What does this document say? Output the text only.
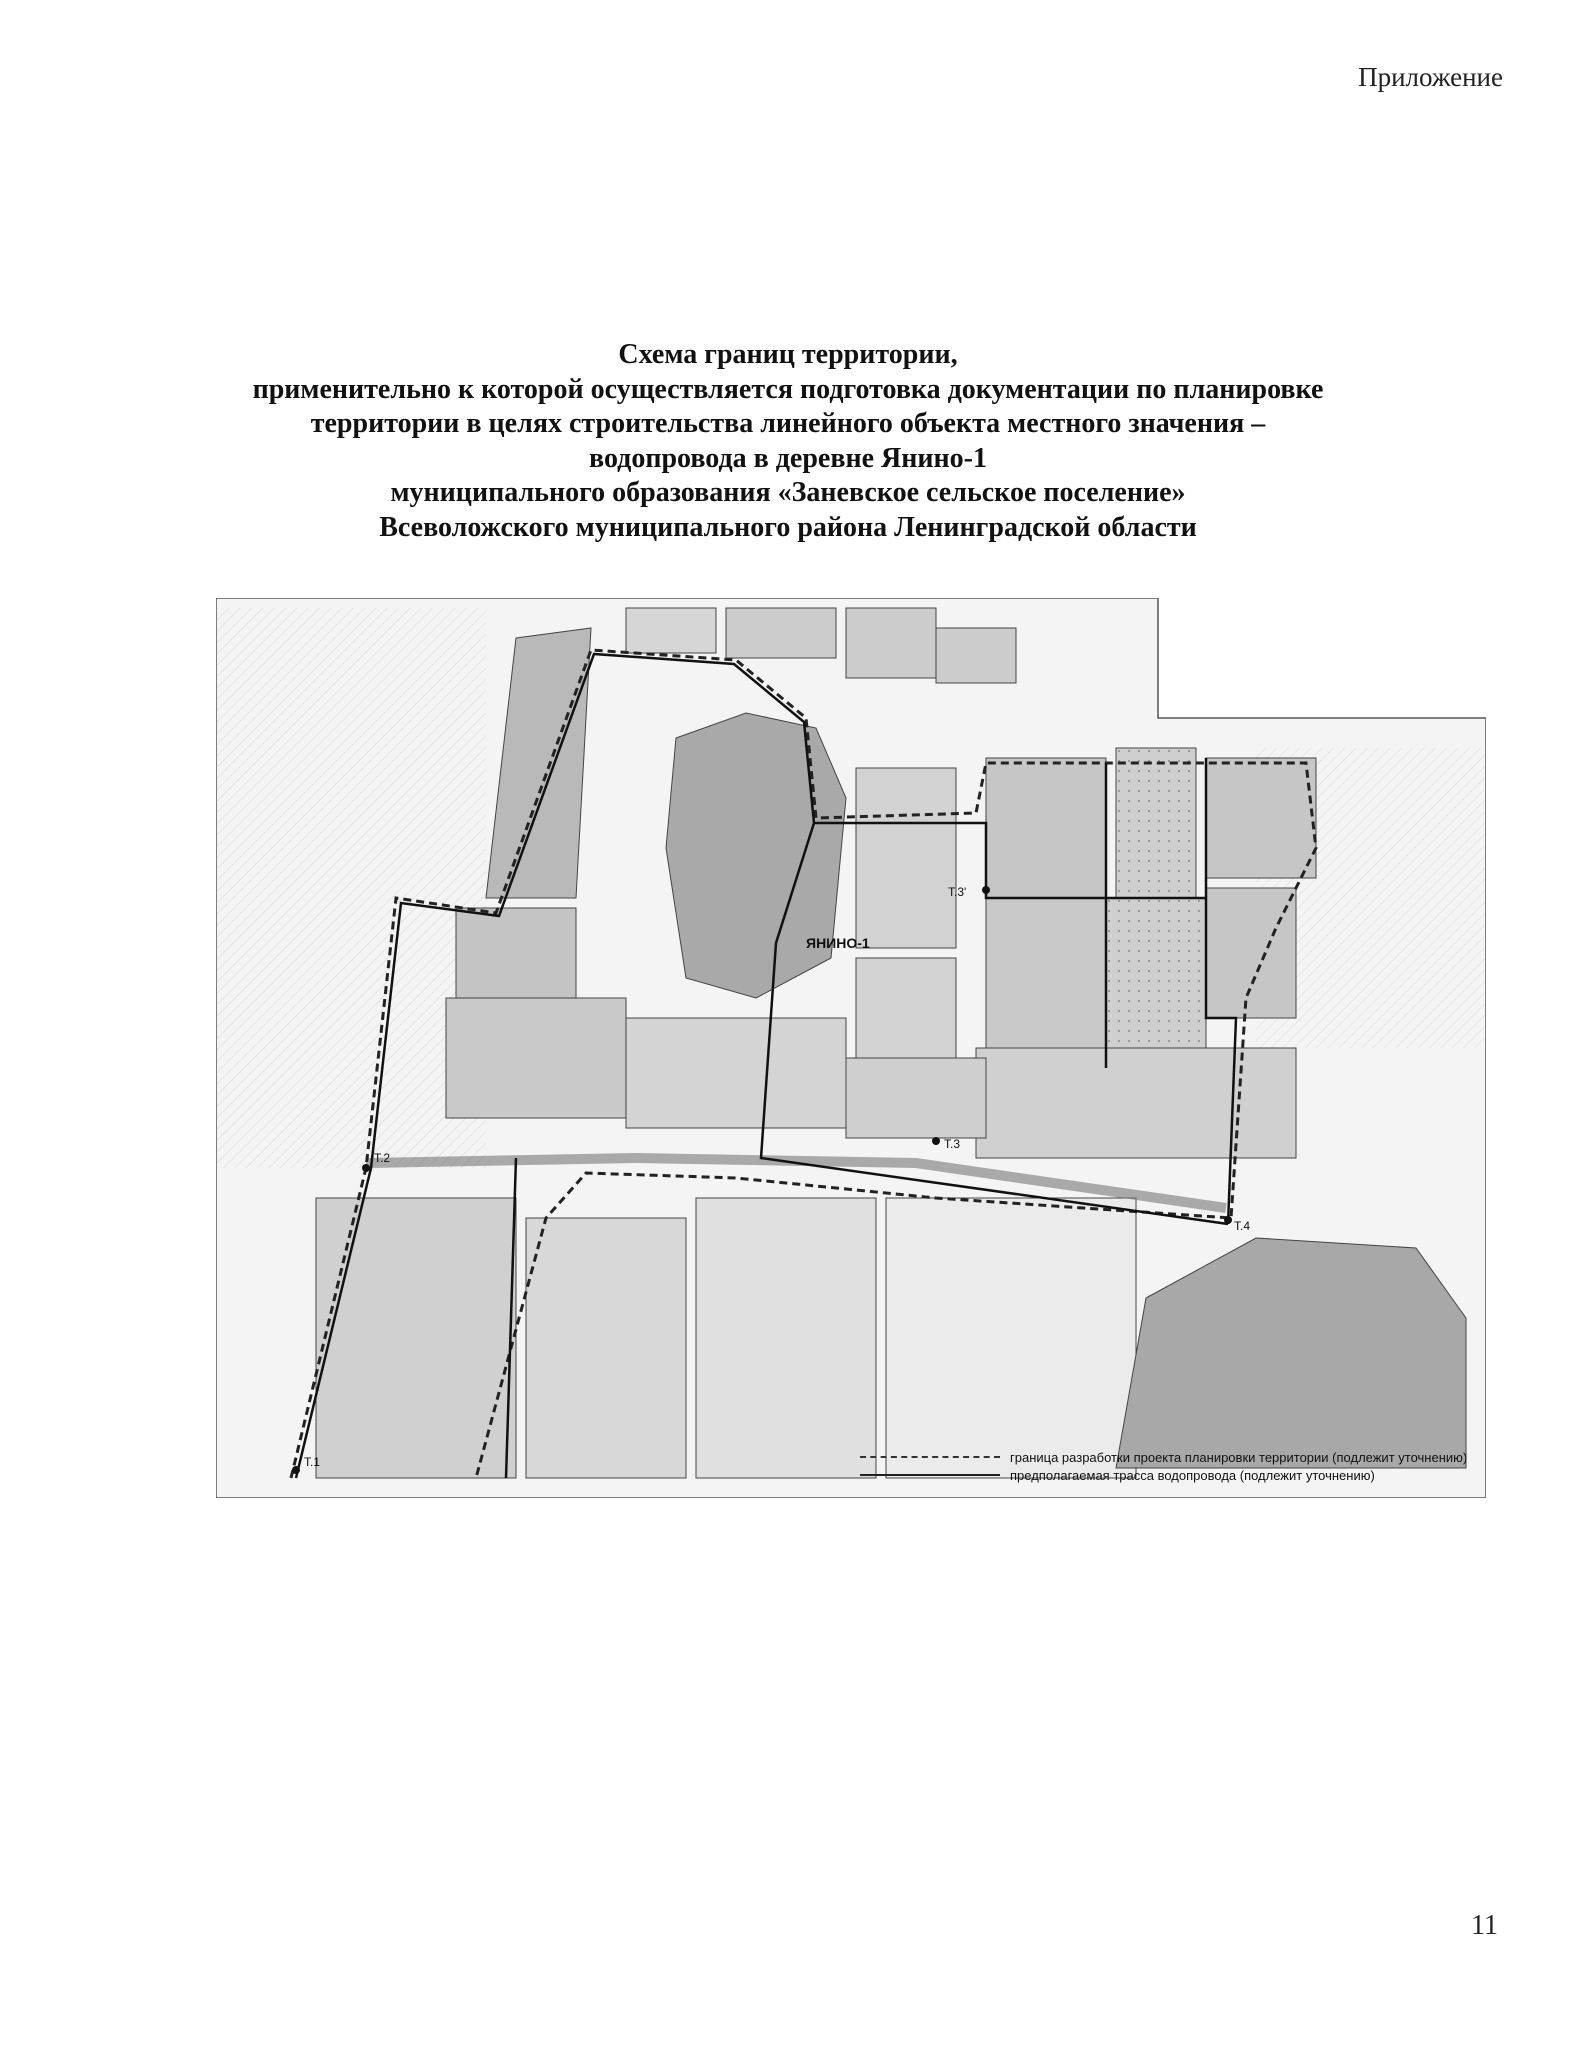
Приложение
Схема границ территории,
применительно к которой осуществляется подготовка документации по планировке
территории в целях строительства линейного объекта местного значения –
водопровода в деревне Янино-1
муниципального образования «Заневское сельское поселение»
Всеволожского муниципального района Ленинградской области
Т.1
Т.2
Т.3
Т.3'
Т.4
ЯНИНО-1
граница разработки проекта планировки территории (подлежит уточнению)
предполагаемая трасса водопровода (подлежит уточнению)
11
